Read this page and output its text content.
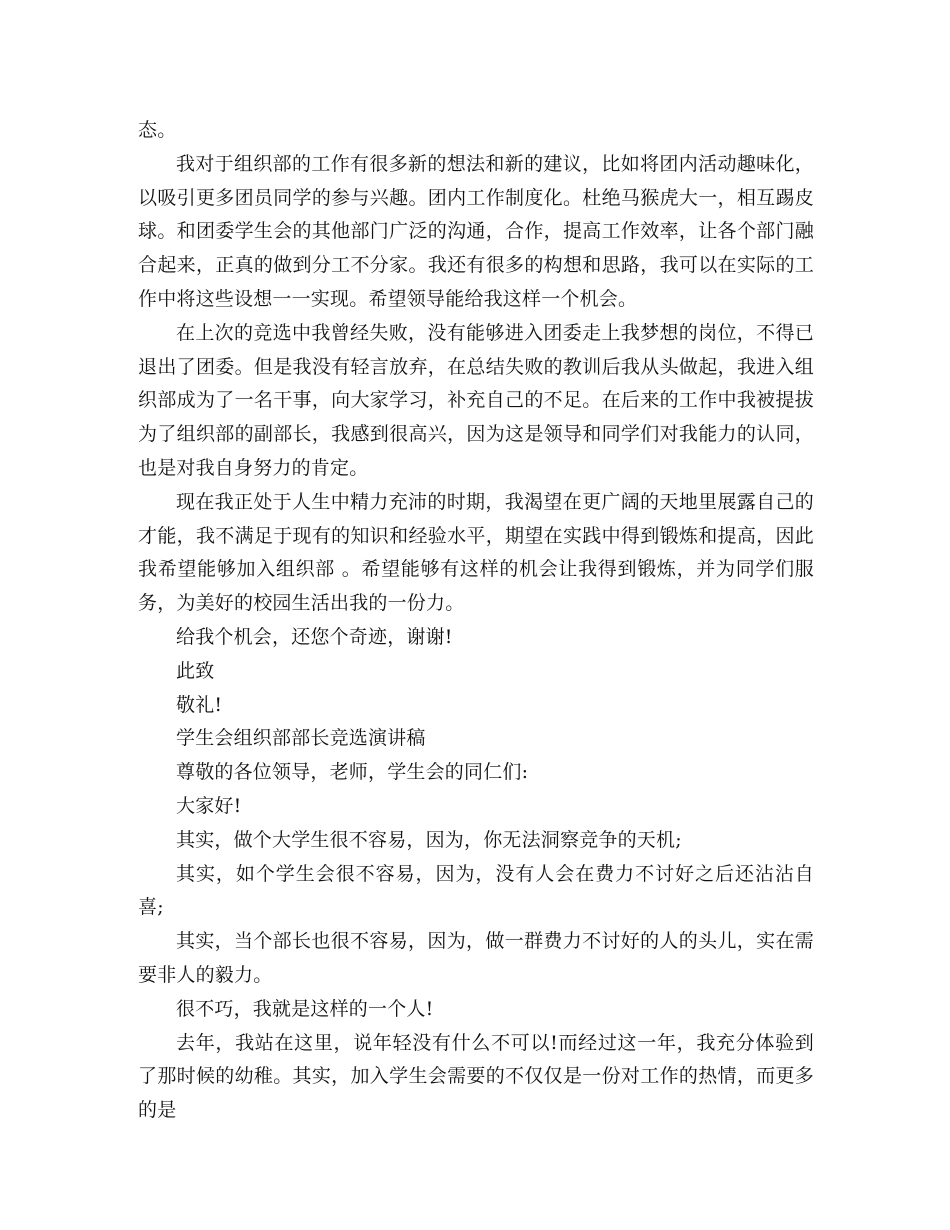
态。

我对于组织部的工作有很多新的想法和新的建议，比如将团内活动趣味化，以吸引更多团员同学的参与兴趣。团内工作制度化。杜绝马猴虎大一，相互踢皮球。和团委学生会的其他部门广泛的沟通，合作，提高工作效率，让各个部门融合起来，正真的做到分工不分家。我还有很多的构想和思路，我可以在实际的工作中将这些设想一一实现。希望领导能给我这样一个机会。

在上次的竞选中我曾经失败，没有能够进入团委走上我梦想的岗位，不得已退出了团委。但是我没有轻言放弃，在总结失败的教训后我从头做起，我进入组织部成为了一名干事，向大家学习，补充自己的不足。在后来的工作中我被提拔为了组织部的副部长，我感到很高兴，因为这是领导和同学们对我能力的认同，也是对我自身努力的肯定。

现在我正处于人生中精力充沛的时期，我渴望在更广阔的天地里展露自己的才能，我不满足于现有的知识和经验水平，期望在实践中得到锻炼和提高，因此我希望能够加入组织部 。希望能够有这样的机会让我得到锻炼，并为同学们服务，为美好的校园生活出我的一份力。

给我个机会，还您个奇迹，谢谢!

此致

敬礼!

学生会组织部部长竞选演讲稿

尊敬的各位领导，老师，学生会的同仁们:

大家好!

其实，做个大学生很不容易，因为，你无法洞察竞争的天机;

其实，如个学生会很不容易，因为，没有人会在费力不讨好之后还沾沾自喜;

其实，当个部长也很不容易，因为，做一群费力不讨好的人的头儿，实在需要非人的毅力。

很不巧，我就是这样的一个人!

去年，我站在这里，说年轻没有什么不可以!而经过这一年，我充分体验到了那时候的幼稚。其实，加入学生会需要的不仅仅是一份对工作的热情，而更多的是
